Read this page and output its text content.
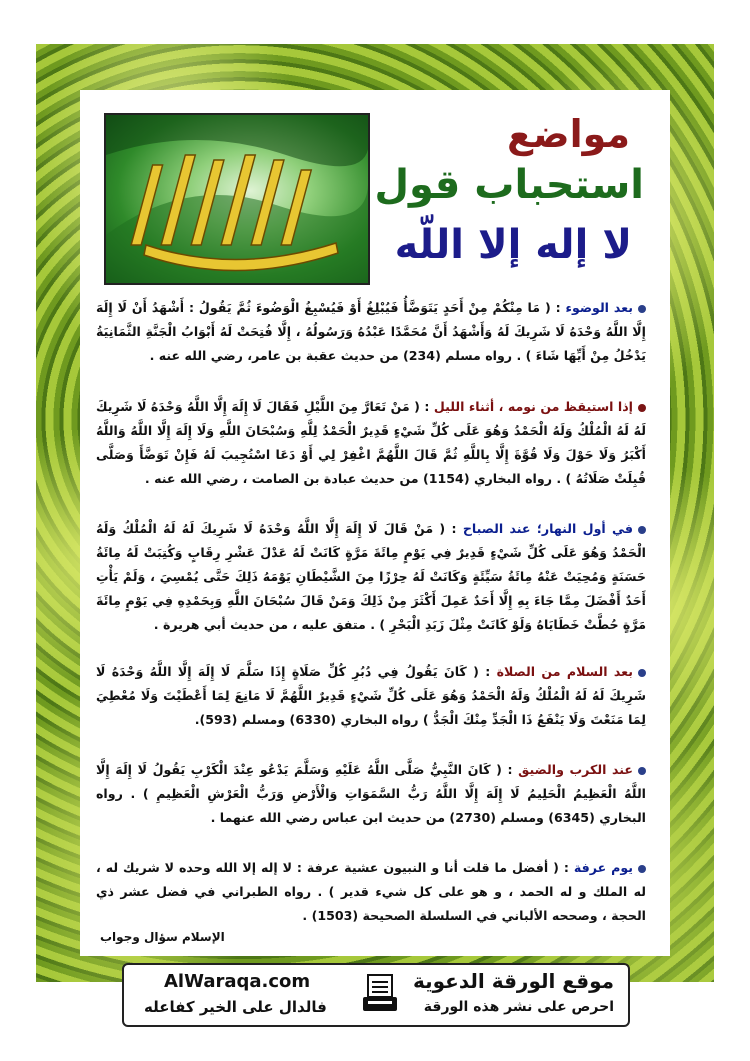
مواضع
استحباب قول
لا إله إلا اللّه
بعد الوضوء : ( مَا مِنْكُمْ مِنْ أَحَدٍ يَتَوَضَّأُ فَيُبْلِغُ أَوْ فَيُسْبِغُ الْوَضُوءَ ثُمَّ يَقُولُ : أَشْهَدُ أَنْ لَا إِلَهَ إِلَّا اللَّهُ وَحْدَهُ لَا شَرِيكَ لَهُ وَأَشْهَدُ أَنَّ مُحَمَّدًا عَبْدُهُ وَرَسُولُهُ ، إِلَّا فُتِحَتْ لَهُ أَبْوَابُ الْجَنَّةِ الثَّمَانِيَةُ يَدْخُلُ مِنْ أَيِّهَا شَاءَ ) . رواه مسلم (234) من حديث عقبة بن عامر، رضي الله عنه .
إذا استيقظ من نومه ، أثناء الليل : ( مَنْ تَعَارَّ مِنَ اللَّيْلِ فَقَالَ لَا إِلَهَ إِلَّا اللَّهُ وَحْدَهُ لَا شَرِيكَ لَهُ لَهُ الْمُلْكُ وَلَهُ الْحَمْدُ وَهُوَ عَلَى كُلِّ شَيْءٍ قَدِيرٌ الْحَمْدُ لِلَّهِ وَسُبْحَانَ اللَّهِ وَلَا إِلَهَ إِلَّا اللَّهُ وَاللَّهُ أَكْبَرُ وَلَا حَوْلَ وَلَا قُوَّةَ إِلَّا بِاللَّهِ ثُمَّ قَالَ اللَّهُمَّ اغْفِرْ لِي أَوْ دَعَا اسْتُجِيبَ لَهُ فَإِنْ تَوَضَّأَ وَصَلَّى قُبِلَتْ صَلَاتُهُ ) . رواه البخاري (1154) من حديث عبادة بن الصامت ، رضي الله عنه .
في أول النهار؛ عند الصباح : ( مَنْ قَالَ لَا إِلَهَ إِلَّا اللَّهُ وَحْدَهُ لَا شَرِيكَ لَهُ لَهُ الْمُلْكُ وَلَهُ الْحَمْدُ وَهُوَ عَلَى كُلِّ شَيْءٍ قَدِيرٌ فِي يَوْمٍ مِائَةَ مَرَّةٍ كَانَتْ لَهُ عَدْلَ عَشْرِ رِقَابٍ وَكُتِبَتْ لَهُ مِائَةُ حَسَنَةٍ وَمُحِيَتْ عَنْهُ مِائَةُ سَيِّئَةٍ وَكَانَتْ لَهُ حِرْزًا مِنَ الشَّيْطَانِ يَوْمَهُ ذَلِكَ حَتَّى يُمْسِيَ ، وَلَمْ يَأْتِ أَحَدٌ أَفْضَلَ مِمَّا جَاءَ بِهِ إِلَّا أَحَدٌ عَمِلَ أَكْثَرَ مِنْ ذَلِكَ وَمَنْ قَالَ سُبْحَانَ اللَّهِ وَبِحَمْدِهِ فِي يَوْمٍ مِائَةَ مَرَّةٍ حُطَّتْ خَطَايَاهُ وَلَوْ كَانَتْ مِثْلَ زَبَدِ الْبَحْرِ ) . متفق عليه ، من حديث أبي هريرة .
بعد السلام من الصلاة : ( كَانَ يَقُولُ فِي دُبُرِ كُلِّ صَلَاةٍ إِذَا سَلَّمَ لَا إِلَهَ إِلَّا اللَّهُ وَحْدَهُ لَا شَرِيكَ لَهُ لَهُ الْمُلْكُ وَلَهُ الْحَمْدُ وَهُوَ عَلَى كُلِّ شَيْءٍ قَدِيرٌ اللَّهُمَّ لَا مَانِعَ لِمَا أَعْطَيْتَ وَلَا مُعْطِيَ لِمَا مَنَعْتَ وَلَا يَنْفَعُ ذَا الْجَدِّ مِنْكَ الْجَدُّ ) رواه البخاري (6330) ومسلم (593).
عند الكرب والضيق : ( كَانَ النَّبِيُّ صَلَّى اللَّهُ عَلَيْهِ وَسَلَّمَ يَدْعُو عِنْدَ الْكَرْبِ يَقُولُ لَا إِلَهَ إِلَّا اللَّهُ الْعَظِيمُ الْحَلِيمُ لَا إِلَهَ إِلَّا اللَّهُ رَبُّ السَّمَوَاتِ وَالْأَرْضِ وَرَبُّ الْعَرْشِ الْعَظِيمِ ) . رواه البخاري (6345) ومسلم (2730) من حديث ابن عباس رضي الله عنهما .
يوم عرفة : ( أفضل ما قلت أنا و النبيون عشية عرفة : لا إله إلا الله وحده لا شريك له ، له الملك و له الحمد ، و هو على كل شيء قدير ) . رواه الطبراني في فضل عشر ذي الحجة ، وصححه الألباني في السلسلة الصحيحة (1503) .
الإسلام سؤال وجواب
AlWaraqa.com
فالدال على الخير كفاعله
موقع الورقة الدعوية
احرص على نشر هذه الورقة
